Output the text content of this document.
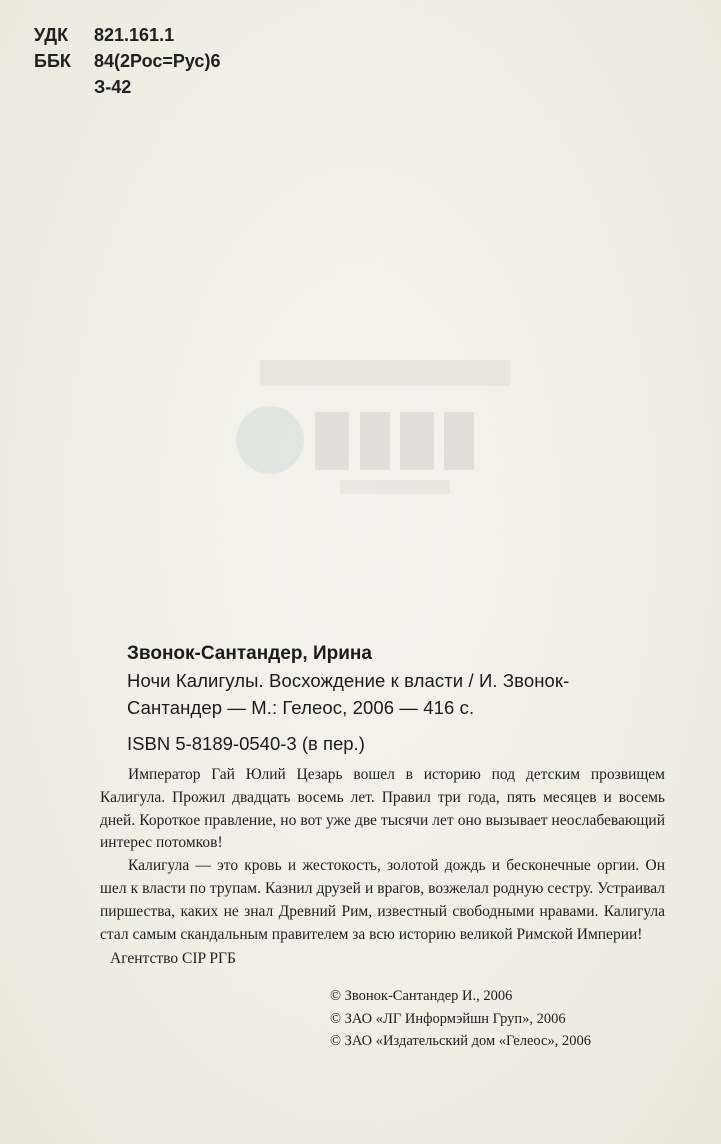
УДК	821.161.1
ББК	84(2Рос=Рус)6
З-42
Звонок-Сантандер, Ирина
Ночи Калигулы. Восхождение к власти / И. Звонок-
Сантандер — М.: Гелеос, 2006 — 416 с.
ISBN 5-8189-0540-3 (в пер.)

Император Гай Юлий Цезарь вошел в историю под детским прозвищем Калигула. Прожил двадцать восемь лет. Правил три года, пять месяцев и восемь дней. Короткое правление, но вот уже две тысячи лет оно вызывает неослабевающий интерес потомков!

Калигула — это кровь и жестокость, золотой дождь и бесконечные оргии. Он шел к власти по трупам. Казнил друзей и врагов, возжелал родную сестру. Устраивал пиршества, каких не знал Древний Рим, известный свободными нравами. Калигула стал самым скандальным правителем за всю историю великой Римской Империи!

Агентство CIP РГБ

© Звонок-Сантандер И., 2006
© ЗАО «ЛГ Информэйшн Груп», 2006
© ЗАО «Издательский дом «Гелеос», 2006
